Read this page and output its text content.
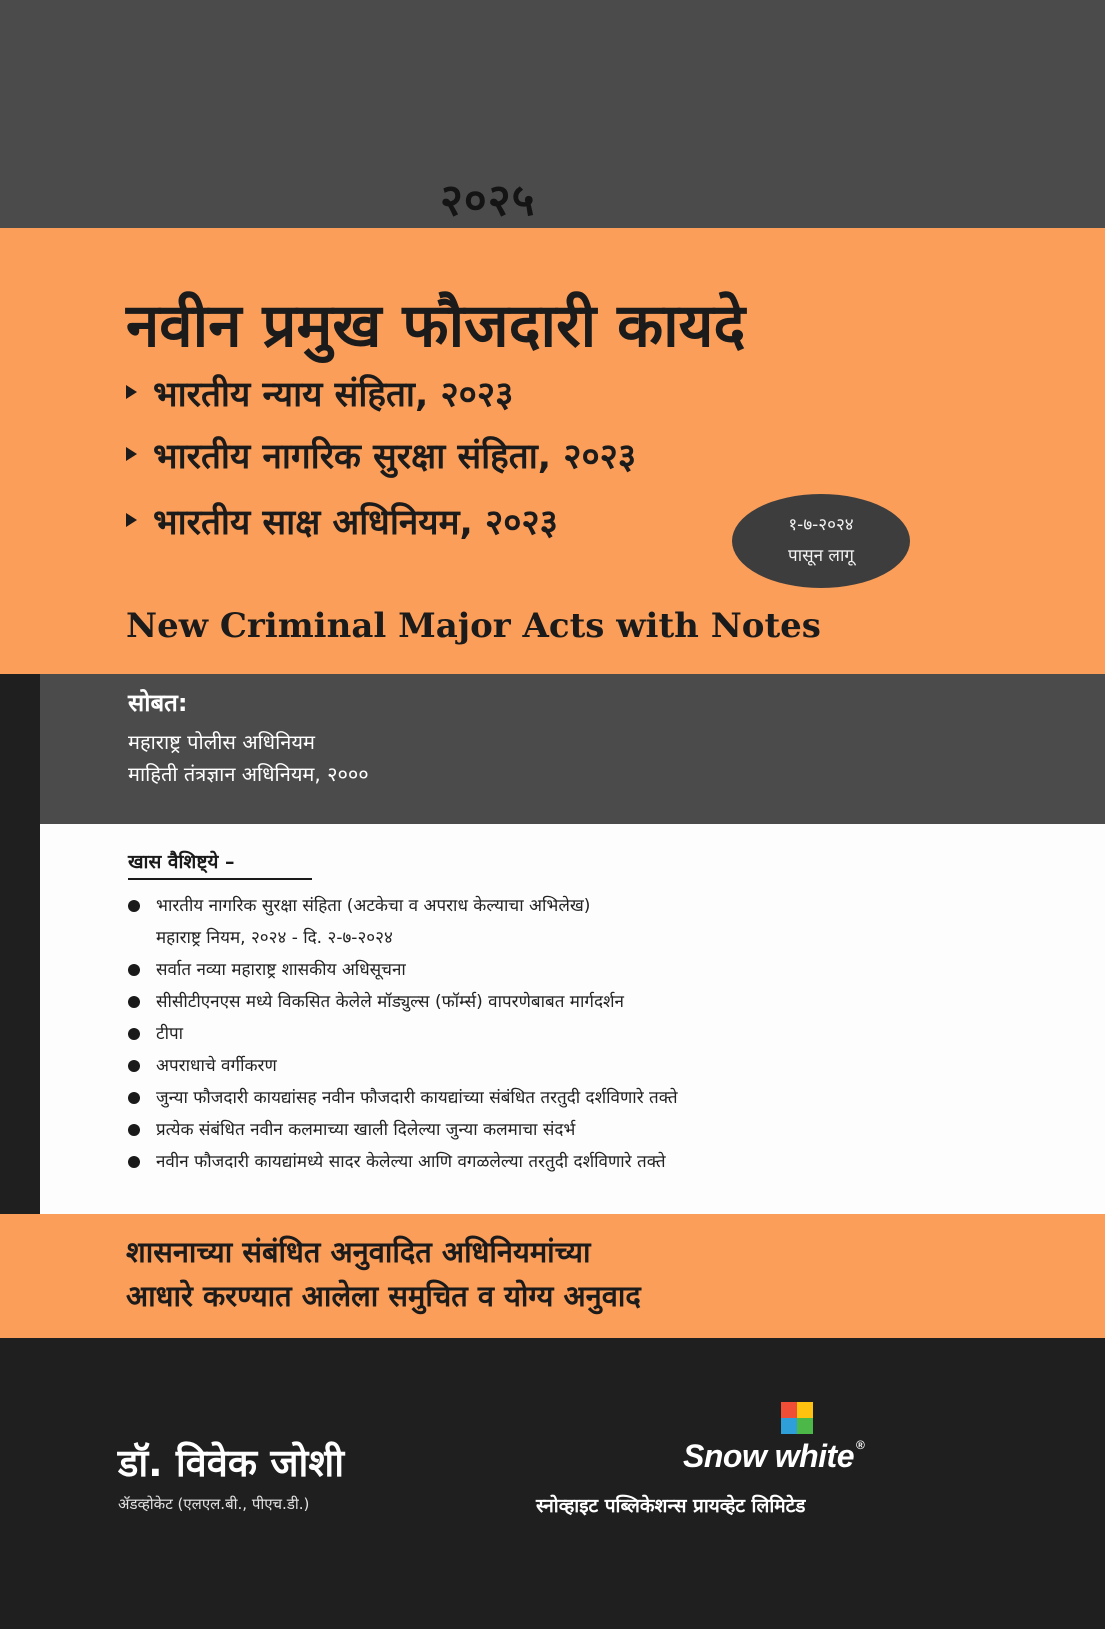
२०२५
नवीन प्रमुख फौजदारी कायदे
भारतीय न्याय संहिता, २०२३
भारतीय नागरिक सुरक्षा संहिता, २०२३
भारतीय साक्ष अधिनियम, २०२३	१-७-२०२४
पासून लागू
New Criminal Major Acts with Notes
सोबत:
महाराष्ट्र पोलीस अधिनियम
माहिती तंत्रज्ञान अधिनियम, २०००
खास वैशिष्ट्ये –
भारतीय नागरिक सुरक्षा संहिता (अटकेचा व अपराध केल्याचा अभिलेख)
महाराष्ट्र नियम, २०२४ - दि. २-७-२०२४
सर्वात नव्या महाराष्ट्र शासकीय अधिसूचना
सीसीटीएनएस मध्ये विकसित केलेले मॉड्युल्स (फॉर्म्स) वापरणेबाबत मार्गदर्शन
टीपा
अपराधाचे वर्गीकरण
जुन्या फौजदारी कायद्यांसह नवीन फौजदारी कायद्यांच्या संबंधित तरतुदी दर्शविणारे तक्ते
प्रत्येक संबंधित नवीन कलमाच्या खाली दिलेल्या जुन्या कलमाचा संदर्भ
नवीन फौजदारी कायद्यांमध्ये सादर केलेल्या आणि वगळलेल्या तरतुदी दर्शविणारे तक्ते
शासनाच्या संबंधित अनुवादित अधिनियमांच्या
आधारे करण्यात आलेला समुचित व योग्य अनुवाद
डॉ. विवेक जोशी
ॲडव्होकेट (एलएल.बी., पीएच.डी.)
Snow white ®
स्नोव्हाइट पब्लिकेशन्स प्रायव्हेट लिमिटेड
